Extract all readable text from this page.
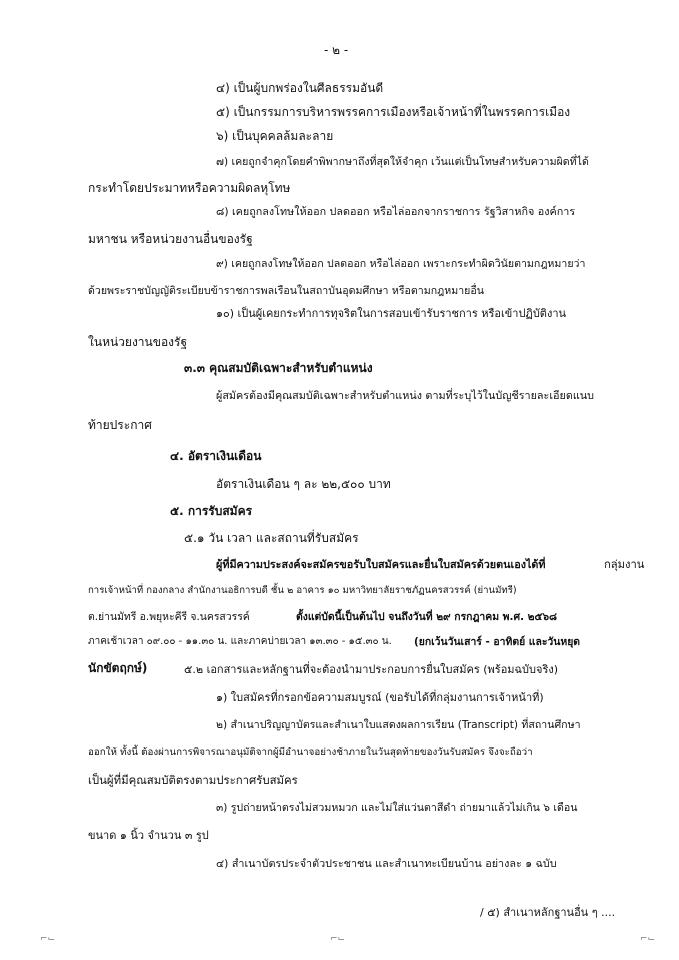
- ๒ -
๔) เป็นผู้บกพร่องในศีลธรรมอันดี
๕) เป็นกรรมการบริหารพรรคการเมืองหรือเจ้าหน้าที่ในพรรคการเมือง
๖) เป็นบุคคลล้มละลาย
๗) เคยถูกจำคุกโดยคำพิพากษาถึงที่สุดให้จำคุก เว้นแต่เป็นโทษสำหรับความผิดที่ได้
กระทำโดยประมาทหรือความผิดลหุโทษ
๘) เคยถูกลงโทษให้ออก ปลดออก หรือไล่ออกจากราชการ รัฐวิสาหกิจ องค์การ
มหาชน หรือหน่วยงานอื่นของรัฐ
๙) เคยถูกลงโทษให้ออก ปลดออก หรือไล่ออก เพราะกระทำผิดวินัยตามกฎหมายว่า
ด้วยพระราชบัญญัติระเบียบข้าราชการพลเรือนในสถาบันอุดมศึกษา หรือตามกฎหมายอื่น
๑๐) เป็นผู้เคยกระทำการทุจริตในการสอบเข้ารับราชการ หรือเข้าปฏิบัติงาน
ในหน่วยงานของรัฐ
๓.๓ คุณสมบัติเฉพาะสำหรับตำแหน่ง
ผู้สมัครต้องมีคุณสมบัติเฉพาะสำหรับตำแหน่ง ตามที่ระบุไว้ในบัญชีรายละเอียดแนบ
ท้ายประกาศ
๔. อัตราเงินเดือน
อัตราเงินเดือน ๆ ละ ๒๒,๕๐๐ บาท
๕. การรับสมัคร
๕.๑ วัน เวลา และสถานที่รับสมัคร
ผู้ที่มีความประสงค์จะสมัครขอรับใบสมัครและยื่นใบสมัครด้วยตนเองได้ที่	กลุ่มงาน
การเจ้าหน้าที่ กองกลาง สำนักงานอธิการบดี ชั้น ๒ อาคาร ๑๐ มหาวิทยาลัยราชภัฏนครสวรรค์ (ย่านมัทรี)
ต.ย่านมัทรี อ.พยุหะคีรี จ.นครสวรรค์	ตั้งแต่บัดนี้เป็นต้นไป จนถึงวันที่ ๒๙ กรกฎาคม พ.ศ. ๒๕๖๘
ภาคเช้าเวลา ๐๙.๐๐ - ๑๑.๓๐ น. และภาคบ่ายเวลา ๑๓.๓๐ - ๑๕.๓๐ น. (ยกเว้นวันเสาร์ - อาทิตย์ และวันหยุด
นักขัตฤกษ์)	๕.๒ เอกสารและหลักฐานที่จะต้องนำมาประกอบการยื่นใบสมัคร (พร้อมฉบับจริง)
๑) ใบสมัครที่กรอกข้อความสมบูรณ์ (ขอรับได้ที่กลุ่มงานการเจ้าหน้าที่)
๒) สำเนาปริญญาบัตรและสำเนาใบแสดงผลการเรียน (Transcript) ที่สถานศึกษา
ออกให้ ทั้งนี้ ต้องผ่านการพิจารณาอนุมัติจากผู้มีอำนาจอย่างช้าภายในวันสุดท้ายของวันรับสมัคร จึงจะถือว่า
เป็นผู้ที่มีคุณสมบัติตรงตามประกาศรับสมัคร
๓) รูปถ่ายหน้าตรงไม่สวมหมวก และไม่ใส่แว่นตาสีดำ ถ่ายมาแล้วไม่เกิน ๖ เดือน
ขนาด ๑ นิ้ว จำนวน ๓ รูป
๔) สำเนาบัตรประจำตัวประชาชน และสำเนาทะเบียนบ้าน อย่างละ ๑ ฉบับ
/ ๕) สำเนาหลักฐานอื่น ๆ ....
⌐⌙	⌐⌙	⌐⌙
